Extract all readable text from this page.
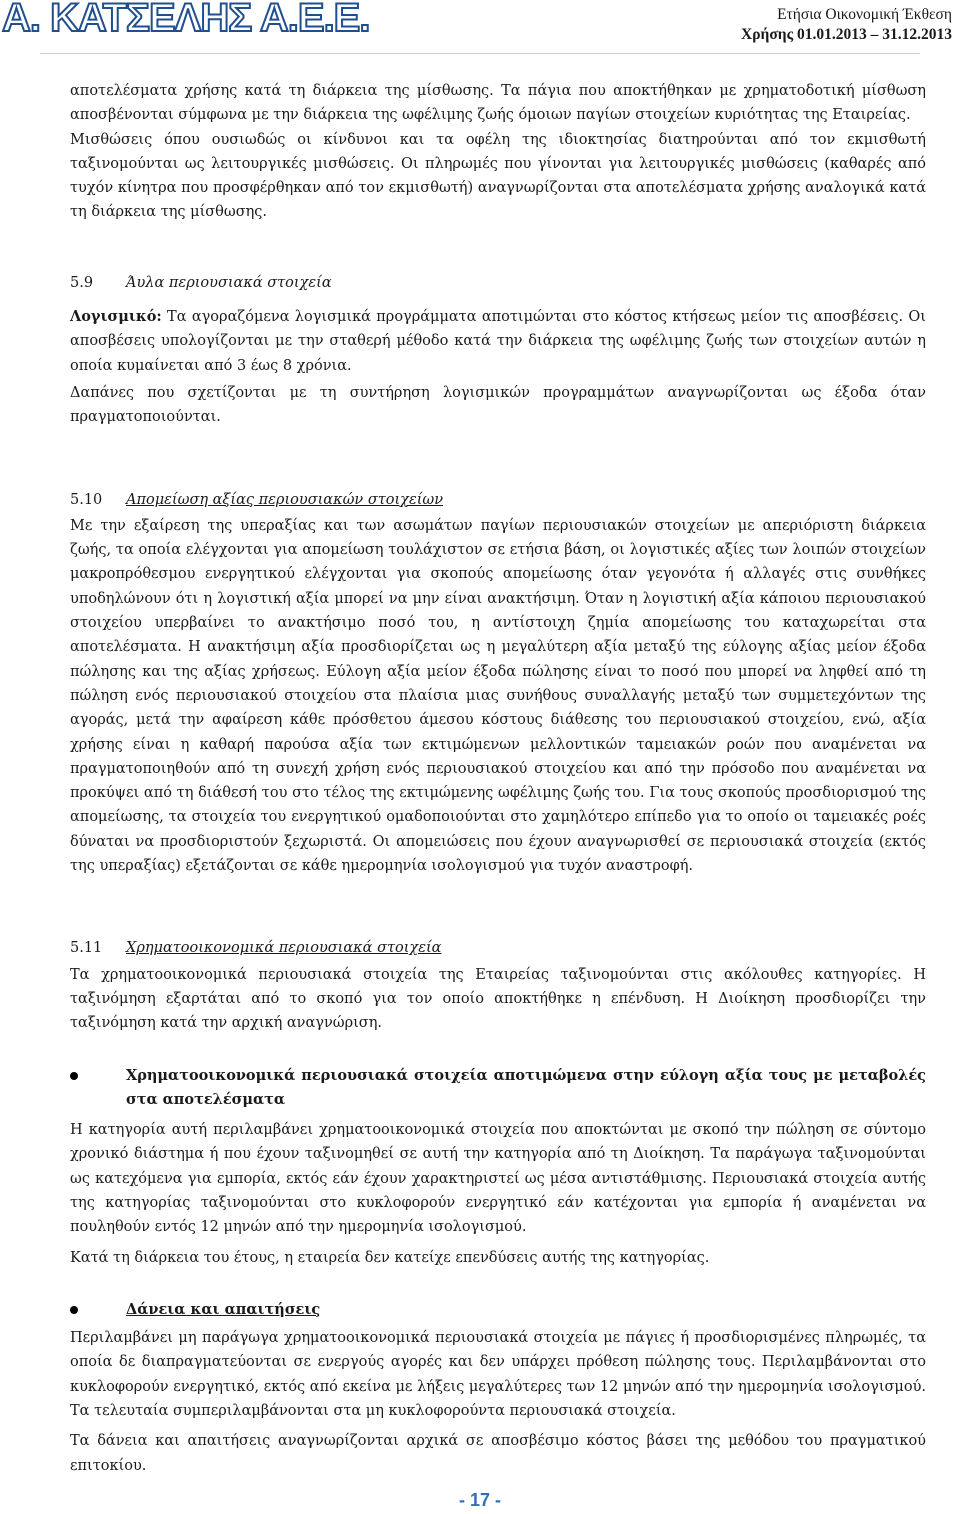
Α. ΚΑΤΣΕΛΗΣ Α.Ε.Ε.	Ετήσια Οικονομική Έκθεση
Χρήσης 01.01.2013 – 31.12.2013

αποτελέσματα χρήσης κατά τη διάρκεια της μίσθωσης. Τα πάγια που αποκτήθηκαν με χρηματοδοτική μίσθωση αποσβένονται σύμφωνα με την διάρκεια της ωφέλιμης ζωής όμοιων παγίων στοιχείων κυριότητας της Εταιρείας.

Μισθώσεις όπου ουσιωδώς οι κίνδυνοι και τα οφέλη της ιδιοκτησίας διατηρούνται από τον εκμισθωτή ταξινομούνται ως λειτουργικές μισθώσεις. Οι πληρωμές που γίνονται για λειτουργικές μισθώσεις (καθαρές από τυχόν κίνητρα που προσφέρθηκαν από τον εκμισθωτή) αναγνωρίζονται στα αποτελέσματα χρήσης αναλογικά κατά τη διάρκεια της μίσθωσης.

5.9 Άυλα περιουσιακά στοιχεία

Λογισμικό: Τα αγοραζόμενα λογισμικά προγράμματα αποτιμώνται στο κόστος κτήσεως μείον τις αποσβέσεις. Οι αποσβέσεις υπολογίζονται με την σταθερή μέθοδο κατά την διάρκεια της ωφέλιμης ζωής των στοιχείων αυτών η οποία κυμαίνεται από 3 έως 8 χρόνια.

Δαπάνες που σχετίζονται με τη συντήρηση λογισμικών προγραμμάτων αναγνωρίζονται ως έξοδα όταν πραγματοποιούνται.

5.10 Απομείωση αξίας περιουσιακών στοιχείων

Με την εξαίρεση της υπεραξίας και των ασωμάτων παγίων περιουσιακών στοιχείων με απεριόριστη διάρκεια ζωής, τα οποία ελέγχονται για απομείωση τουλάχιστον σε ετήσια βάση, οι λογιστικές αξίες των λοιπών στοιχείων μακροπρόθεσμου ενεργητικού ελέγχονται για σκοπούς απομείωσης όταν γεγονότα ή αλλαγές στις συνθήκες υποδηλώνουν ότι η λογιστική αξία μπορεί να μην είναι ανακτήσιμη. Όταν η λογιστική αξία κάποιου περιουσιακού στοιχείου υπερβαίνει το ανακτήσιμο ποσό του, η αντίστοιχη ζημία απομείωσης του καταχωρείται στα αποτελέσματα. Η ανακτήσιμη αξία προσδιορίζεται ως η μεγαλύτερη αξία μεταξύ της εύλογης αξίας μείον έξοδα πώλησης και της αξίας χρήσεως. Εύλογη αξία μείον έξοδα πώλησης είναι το ποσό που μπορεί να ληφθεί από τη πώληση ενός περιουσιακού στοιχείου στα πλαίσια μιας συνήθους συναλλαγής μεταξύ των συμμετεχόντων της αγοράς, μετά την αφαίρεση κάθε πρόσθετου άμεσου κόστους διάθεσης του περιουσιακού στοιχείου, ενώ, αξία χρήσης είναι η καθαρή παρούσα αξία των εκτιμώμενων μελλοντικών ταμειακών ροών που αναμένεται να πραγματοποιηθούν από τη συνεχή χρήση ενός περιουσιακού στοιχείου και από την πρόσοδο που αναμένεται να προκύψει από τη διάθεσή του στο τέλος της εκτιμώμενης ωφέλιμης ζωής του. Για τους σκοπούς προσδιορισμού της απομείωσης, τα στοιχεία του ενεργητικού ομαδοποιούνται στο χαμηλότερο επίπεδο για το οποίο οι ταμειακές ροές δύναται να προσδιοριστούν ξεχωριστά. Οι απομειώσεις που έχουν αναγνωρισθεί σε περιουσιακά στοιχεία (εκτός της υπεραξίας) εξετάζονται σε κάθε ημερομηνία ισολογισμού για τυχόν αναστροφή.

5.11 Χρηματοοικονομικά περιουσιακά στοιχεία

Τα χρηματοοικονομικά περιουσιακά στοιχεία της Εταιρείας ταξινομούνται στις ακόλουθες κατηγορίες. Η ταξινόμηση εξαρτάται από το σκοπό για τον οποίο αποκτήθηκε η επένδυση. Η Διοίκηση προσδιορίζει την ταξινόμηση κατά την αρχική αναγνώριση.

Χρηματοοικονομικά περιουσιακά στοιχεία αποτιμώμενα στην εύλογη αξία τους με μεταβολές στα αποτελέσματα

Η κατηγορία αυτή περιλαμβάνει χρηματοοικονομικά στοιχεία που αποκτώνται με σκοπό την πώληση σε σύντομο χρονικό διάστημα ή που έχουν ταξινομηθεί σε αυτή την κατηγορία από τη Διοίκηση. Τα παράγωγα ταξινομούνται ως κατεχόμενα για εμπορία, εκτός εάν έχουν χαρακτηριστεί ως μέσα αντιστάθμισης. Περιουσιακά στοιχεία αυτής της κατηγορίας ταξινομούνται στο κυκλοφορούν ενεργητικό εάν κατέχονται για εμπορία ή αναμένεται να πουληθούν εντός 12 μηνών από την ημερομηνία ισολογισμού.

Κατά τη διάρκεια του έτους, η εταιρεία δεν κατείχε επενδύσεις αυτής της κατηγορίας.

Δάνεια και απαιτήσεις

Περιλαμβάνει μη παράγωγα χρηματοοικονομικά περιουσιακά στοιχεία με πάγιες ή προσδιορισμένες πληρωμές, τα οποία δε διαπραγματεύονται σε ενεργούς αγορές και δεν υπάρχει πρόθεση πώλησης τους. Περιλαμβάνονται στο κυκλοφορούν ενεργητικό, εκτός από εκείνα με λήξεις μεγαλύτερες των 12 μηνών από την ημερομηνία ισολογισμού. Τα τελευταία συμπεριλαμβάνονται στα μη κυκλοφορούντα περιουσιακά στοιχεία.

Τα δάνεια και απαιτήσεις αναγνωρίζονται αρχικά σε αποσβέσιμο κόστος βάσει της μεθόδου του πραγματικού επιτοκίου.

- 17 -
